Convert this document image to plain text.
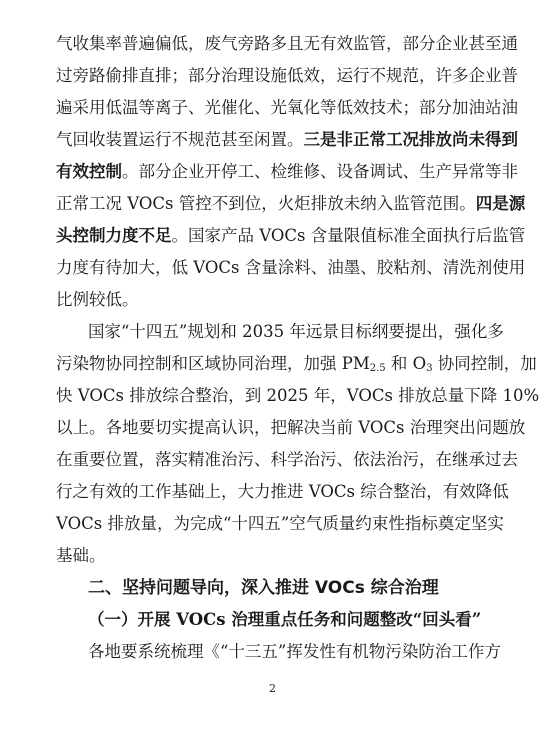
气收集率普遍偏低，废气旁路多且无有效监管，部分企业甚至通
过旁路偷排直排；部分治理设施低效，运行不规范，许多企业普
遍采用低温等离子、光催化、光氧化等低效技术；部分加油站油
气回收装置运行不规范甚至闲置。三是非正常工况排放尚未得到
有效控制。部分企业开停工、检维修、设备调试、生产异常等非
正常工况 VOCs 管控不到位，火炬排放未纳入监管范围。四是源
头控制力度不足。国家产品 VOCs 含量限值标准全面执行后监管
力度有待加大，低 VOCs 含量涂料、油墨、胶粘剂、清洗剂使用
比例较低。
国家“十四五”规划和 2035 年远景目标纲要提出，强化多
污染物协同控制和区域协同治理，加强 $PM_{2.5}$ 和 $O_3$ 协同控制，加
快 VOCs 排放综合整治，到 2025 年，VOCs 排放总量下降 10%
以上。各地要切实提高认识，把解决当前 VOCs 治理突出问题放
在重要位置，落实精准治污、科学治污、依法治污，在继承过去
行之有效的工作基础上，大力推进 VOCs 综合整治，有效降低
VOCs 排放量，为完成“十四五”空气质量约束性指标奠定坚实
基础。
二、坚持问题导向，深入推进 VOCs 综合治理
（一）开展 VOCs 治理重点任务和问题整改“回头看”
各地要系统梳理《“十三五”挥发性有机物污染防治工作方
2
